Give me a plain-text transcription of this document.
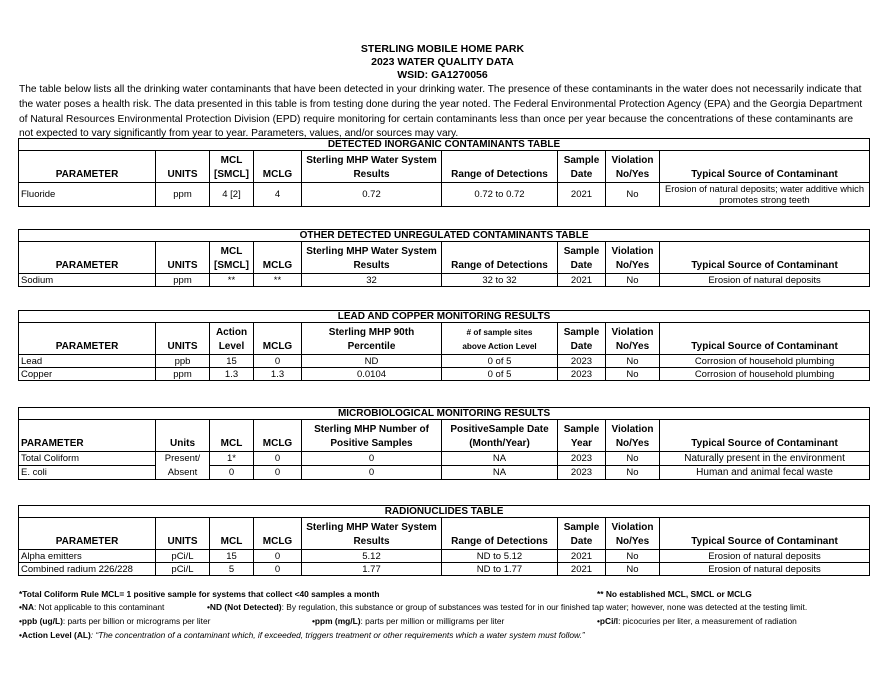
STERLING MOBILE HOME PARK
2023 WATER QUALITY DATA
WSID: GA1270056
The table below lists all the drinking water contaminants that have been detected in your drinking water. The presence of these contaminants in the water does not necessarily indicate that the water poses a health risk. The data presented in this table is from testing done during the year noted. The Federal Environmental Protection Agency (EPA) and the Georgia Department of Natural Resources Environmental Protection Division (EPD) require monitoring for certain contaminants less than once per year because the concentrations of these contaminants are not expected to vary significantly from year to year. Parameters, values, and/or sources may vary.
DETECTED INORGANIC CONTAMINANTS TABLE								
PARAMETER	UNITS	MCL [SMCL]	MCLG	Sterling MHP Water System Results	Range of Detections	Sample Date	Violation No/Yes	Typical Source of Contaminant
Fluoride	ppm	4 [2]	4	0.72	0.72 to 0.72	2021	No	Erosion of natural deposits; water additive which promotes strong teeth
OTHER DETECTED UNREGULATED CONTAMINANTS TABLE								
PARAMETER	UNITS	MCL [SMCL]	MCLG	Sterling MHP Water System Results	Range of Detections	Sample Date	Violation No/Yes	Typical Source of Contaminant
Sodium	ppm	**	**	32	32 to 32	2021	No	Erosion of natural deposits
LEAD AND COPPER MONITORING RESULTS								
PARAMETER	UNITS	Action Level	MCLG	Sterling MHP 90th Percentile	# of sample sites
above Action Level	Sample Date	Violation No/Yes	Typical Source of Contaminant
Lead	ppb	15	0	ND	0 of 5	2023	No	Corrosion of household plumbing
Copper	ppm	1.3	1.3	0.0104	0 of 5	2023	No	Corrosion of household plumbing
MICROBIOLOGICAL MONITORING RESULTS								
PARAMETER	Units	MCL	MCLG	Sterling MHP Number of Positive Samples	PositiveSample Date (Month/Year)	Sample Year	Violation No/Yes	Typical Source of Contaminant
Total Coliform	Present/	1*	0	0	NA	2023	No	Naturally present in the environment
E. coli	Absent	0	0	0	NA	2023	No	Human and animal fecal waste
RADIONUCLIDES TABLE								
PARAMETER	UNITS	MCL	MCLG	Sterling MHP Water System Results	Range of Detections	Sample Date	Violation No/Yes	Typical Source of Contaminant
Alpha emitters	pCi/L	15	0	5.12	ND to 5.12	2021	No	Erosion of natural deposits
Combined radium 226/228	pCi/L	5	0	1.77	ND to 1.77	2021	No	Erosion of natural deposits
*Total Coliform Rule MCL= 1 positive sample for systems that collect <40 samples a month	** No established MCL, SMCL or MCLG
•NA: Not applicable to this contaminant	•ND (Not Detected): By regulation, this substance or group of substances was tested for in our finished tap water; however, none was detected at the testing limit.
•ppb (ug/L): parts per billion or micrograms per liter	•ppm (mg/L): parts per million or milligrams per liter	•pCi/l: picocuries per liter, a measurement of radiation
•Action Level (AL): “The concentration of a contaminant which, if exceeded, triggers treatment or other requirements which a water system must follow.”
